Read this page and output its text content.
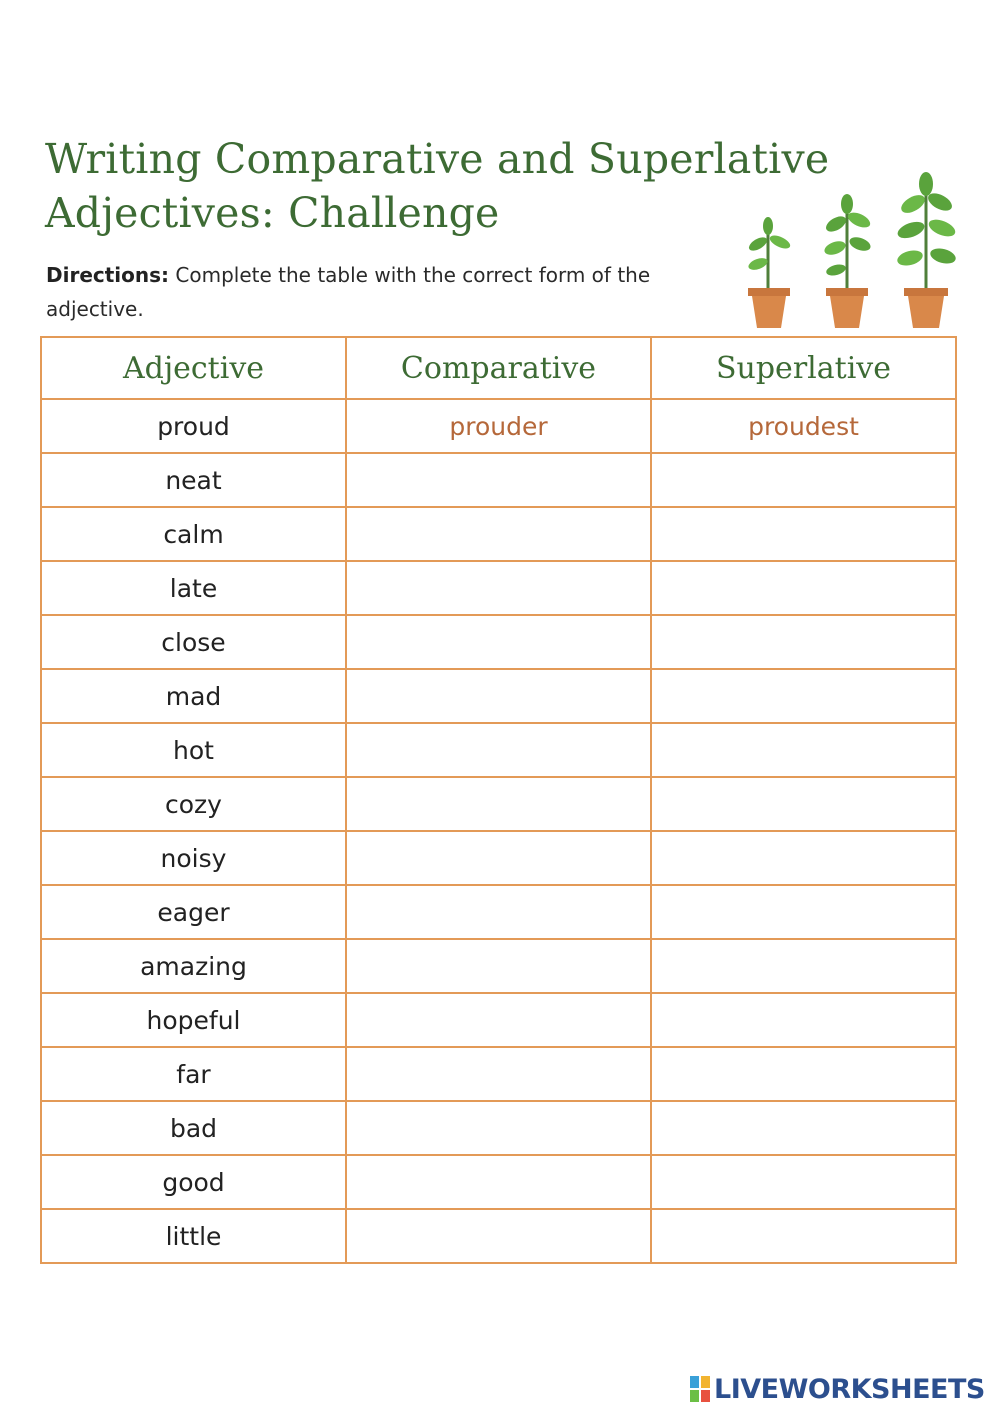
Writing Comparative and Superlative Adjectives: Challenge
Directions: Complete the table with the correct form of the adjective.
Adjective	Comparative	Superlative
proud	prouder	proudest
neat		
calm		
late		
close		
mad		
hot		
cozy		
noisy		
eager		
amazing		
hopeful		
far		
bad		
good		
little		
LIVEWORKSHEETS
